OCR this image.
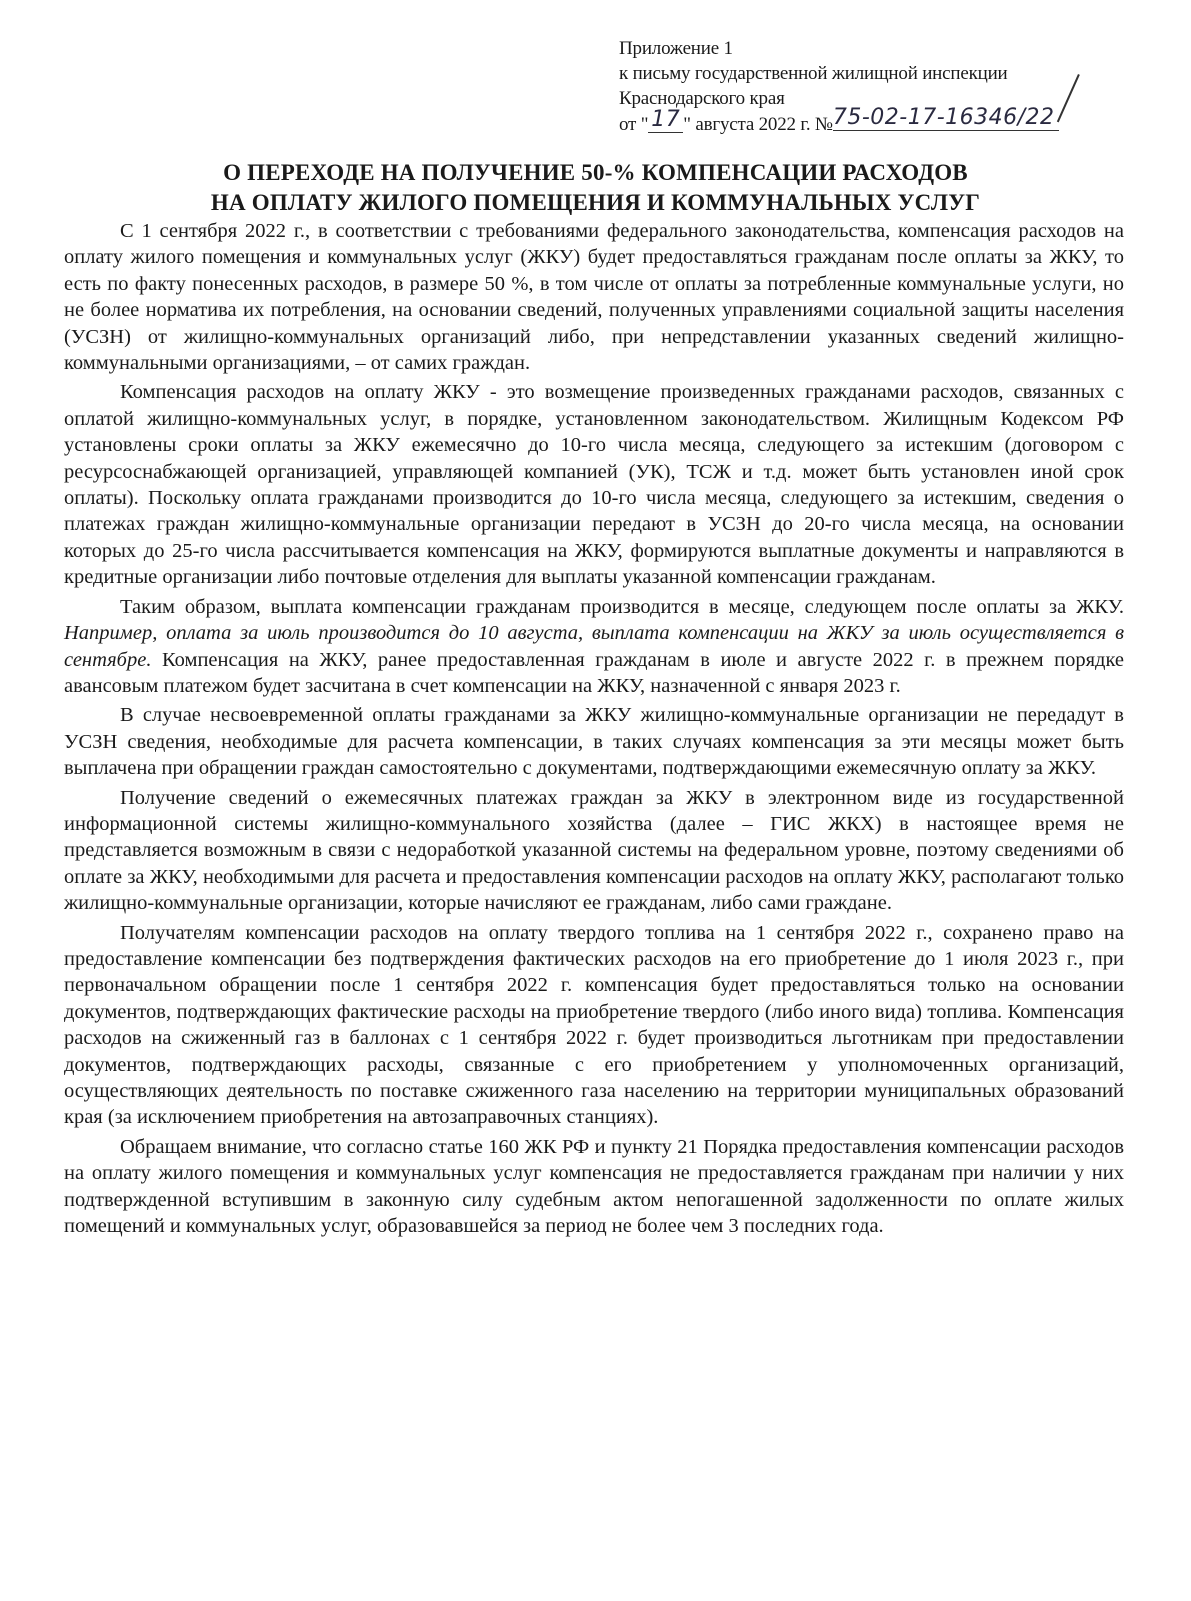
Приложение 1
к письму государственной жилищной инспекции
Краснодарского края
от " 17 " августа 2022 г. №75-02-17-16346/22
О ПЕРЕХОДЕ НА ПОЛУЧЕНИЕ 50-% КОМПЕНСАЦИИ РАСХОДОВ
НА ОПЛАТУ ЖИЛОГО ПОМЕЩЕНИЯ И КОММУНАЛЬНЫХ УСЛУГ

С 1 сентября 2022 г., в соответствии с требованиями федерального законодательства, компенсация расходов на оплату жилого помещения и коммунальных услуг (ЖКУ) будет предоставляться гражданам после оплаты за ЖКУ, то есть по факту понесенных расходов, в размере 50 %, в том числе от оплаты за потребленные коммунальные услуги, но не более норматива их потребления, на основании сведений, полученных управлениями социальной защиты населения (УСЗН) от жилищно-коммунальных организаций либо, при непредставлении указанных сведений жилищно-коммунальными организациями, – от самих граждан.

Компенсация расходов на оплату ЖКУ - это возмещение произведенных гражданами расходов, связанных с оплатой жилищно-коммунальных услуг, в порядке, установленном законодательством. Жилищным Кодексом РФ установлены сроки оплаты за ЖКУ ежемесячно до 10-го числа месяца, следующего за истекшим (договором с ресурсоснабжающей организацией, управляющей компанией (УК), ТСЖ и т.д. может быть установлен иной срок оплаты). Поскольку оплата гражданами производится до 10-го числа месяца, следующего за истекшим, сведения о платежах граждан жилищно-коммунальные организации передают в УСЗН до 20-го числа месяца, на основании которых до 25-го числа рассчитывается компенсация на ЖКУ, формируются выплатные документы и направляются в кредитные организации либо почтовые отделения для выплаты указанной компенсации гражданам.

Таким образом, выплата компенсации гражданам производится в месяце, следующем после оплаты за ЖКУ. Например, оплата за июль производится до 10 августа, выплата компенсации на ЖКУ за июль осуществляется в сентябре. Компенсация на ЖКУ, ранее предоставленная гражданам в июле и августе 2022 г. в прежнем порядке авансовым платежом будет засчитана в счет компенсации на ЖКУ, назначенной с января 2023 г.

В случае несвоевременной оплаты гражданами за ЖКУ жилищно-коммунальные организации не передадут в УСЗН сведения, необходимые для расчета компенсации, в таких случаях компенсация за эти месяцы может быть выплачена при обращении граждан самостоятельно с документами, подтверждающими ежемесячную оплату за ЖКУ.

Получение сведений о ежемесячных платежах граждан за ЖКУ в электронном виде из государственной информационной системы жилищно-коммунального хозяйства (далее – ГИС ЖКХ) в настоящее время не представляется возможным в связи с недоработкой указанной системы на федеральном уровне, поэтому сведениями об оплате за ЖКУ, необходимыми для расчета и предоставления компенсации расходов на оплату ЖКУ, располагают только жилищно-коммунальные организации, которые начисляют ее гражданам, либо сами граждане.

Получателям компенсации расходов на оплату твердого топлива на 1 сентября 2022 г., сохранено право на предоставление компенсации без подтверждения фактических расходов на его приобретение до 1 июля 2023 г., при первоначальном обращении после 1 сентября 2022 г. компенсация будет предоставляться только на основании документов, подтверждающих фактические расходы на приобретение твердого (либо иного вида) топлива. Компенсация расходов на сжиженный газ в баллонах с 1 сентября 2022 г. будет производиться льготникам при предоставлении документов, подтверждающих расходы, связанные с его приобретением у уполномоченных организаций, осуществляющих деятельность по поставке сжиженного газа населению на территории муниципальных образований края (за исключением приобретения на автозаправочных станциях).

Обращаем внимание, что согласно статье 160 ЖК РФ и пункту 21 Порядка предоставления компенсации расходов на оплату жилого помещения и коммунальных услуг компенсация не предоставляется гражданам при наличии у них подтвержденной вступившим в законную силу судебным актом непогашенной задолженности по оплате жилых помещений и коммунальных услуг, образовавшейся за период не более чем 3 последних года.
